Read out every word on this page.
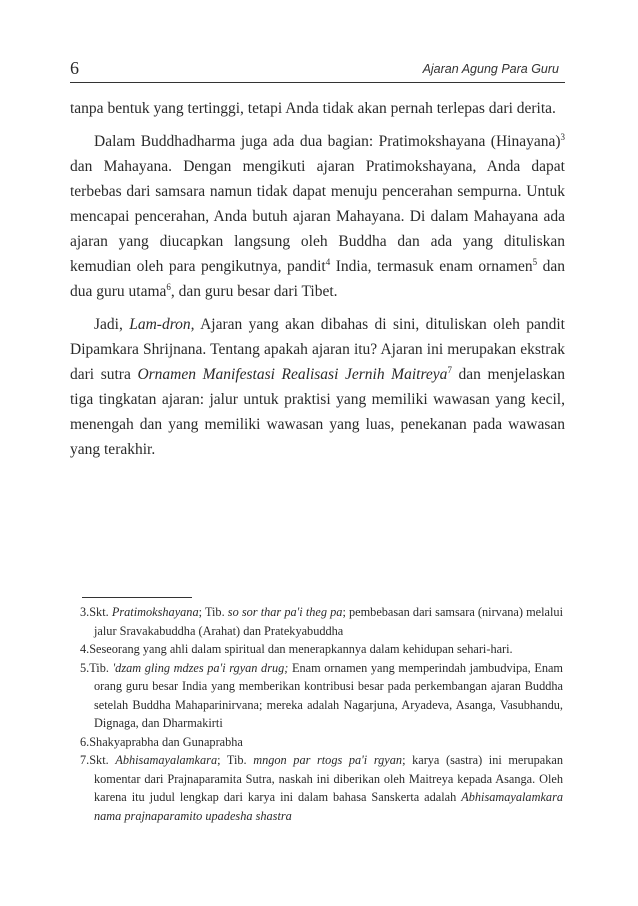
6	Ajaran Agung Para Guru

tanpa bentuk yang tertinggi, tetapi Anda tidak akan pernah terlepas dari derita.

Dalam Buddhadharma juga ada dua bagian: Pratimokshayana (Hinayana)$^3$ dan Mahayana. Dengan mengikuti ajaran Pratimokshayana, Anda dapat terbebas dari samsara namun tidak dapat menuju pencerahan sempurna. Untuk mencapai pencerahan, Anda butuh ajaran Mahayana. Di dalam Mahayana ada ajaran yang diucapkan langsung oleh Buddha dan ada yang dituliskan kemudian oleh para pengikutnya, pandit$^4$ India, termasuk enam ornamen$^5$ dan dua guru utama$^6$, dan guru besar dari Tibet.

Jadi, Lam-dron, Ajaran yang akan dibahas di sini, dituliskan oleh pandit Dipamkara Shrijnana. Tentang apakah ajaran itu? Ajaran ini merupakan ekstrak dari sutra Ornamen Manifestasi Realisasi Jernih Maitreya$^7$ dan menjelaskan tiga tingkatan ajaran: jalur untuk praktisi yang memiliki wawasan yang kecil, menengah dan yang memiliki wawasan yang luas, penekanan pada wawasan yang terakhir.

3.Skt. Pratimokshayana; Tib. so sor thar pa'i theg pa; pembebasan dari samsara (nirvana) melalui jalur Sravakabuddha (Arahat) dan Pratekyabuddha

4.Seseorang yang ahli dalam spiritual dan menerapkannya dalam kehidupan sehari-hari.

5.Tib. 'dzam gling mdzes pa'i rgyan drug; Enam ornamen yang memperindah jambudvipa, Enam orang guru besar India yang memberikan kontribusi besar pada perkembangan ajaran Buddha setelah Buddha Mahaparinirvana; mereka adalah Nagarjuna, Aryadeva, Asanga, Vasubhandu, Dignaga, dan Dharmakirti

6.Shakyaprabha dan Gunaprabha

7.Skt. Abhisamayalamkara; Tib. mngon par rtogs pa'i rgyan; karya (sastra) ini merupakan komentar dari Prajnaparamita Sutra, naskah ini diberikan oleh Maitreya kepada Asanga. Oleh karena itu judul lengkap dari karya ini dalam bahasa Sanskerta adalah Abhisamayalamkara nama prajnaparamito upadesha shastra
